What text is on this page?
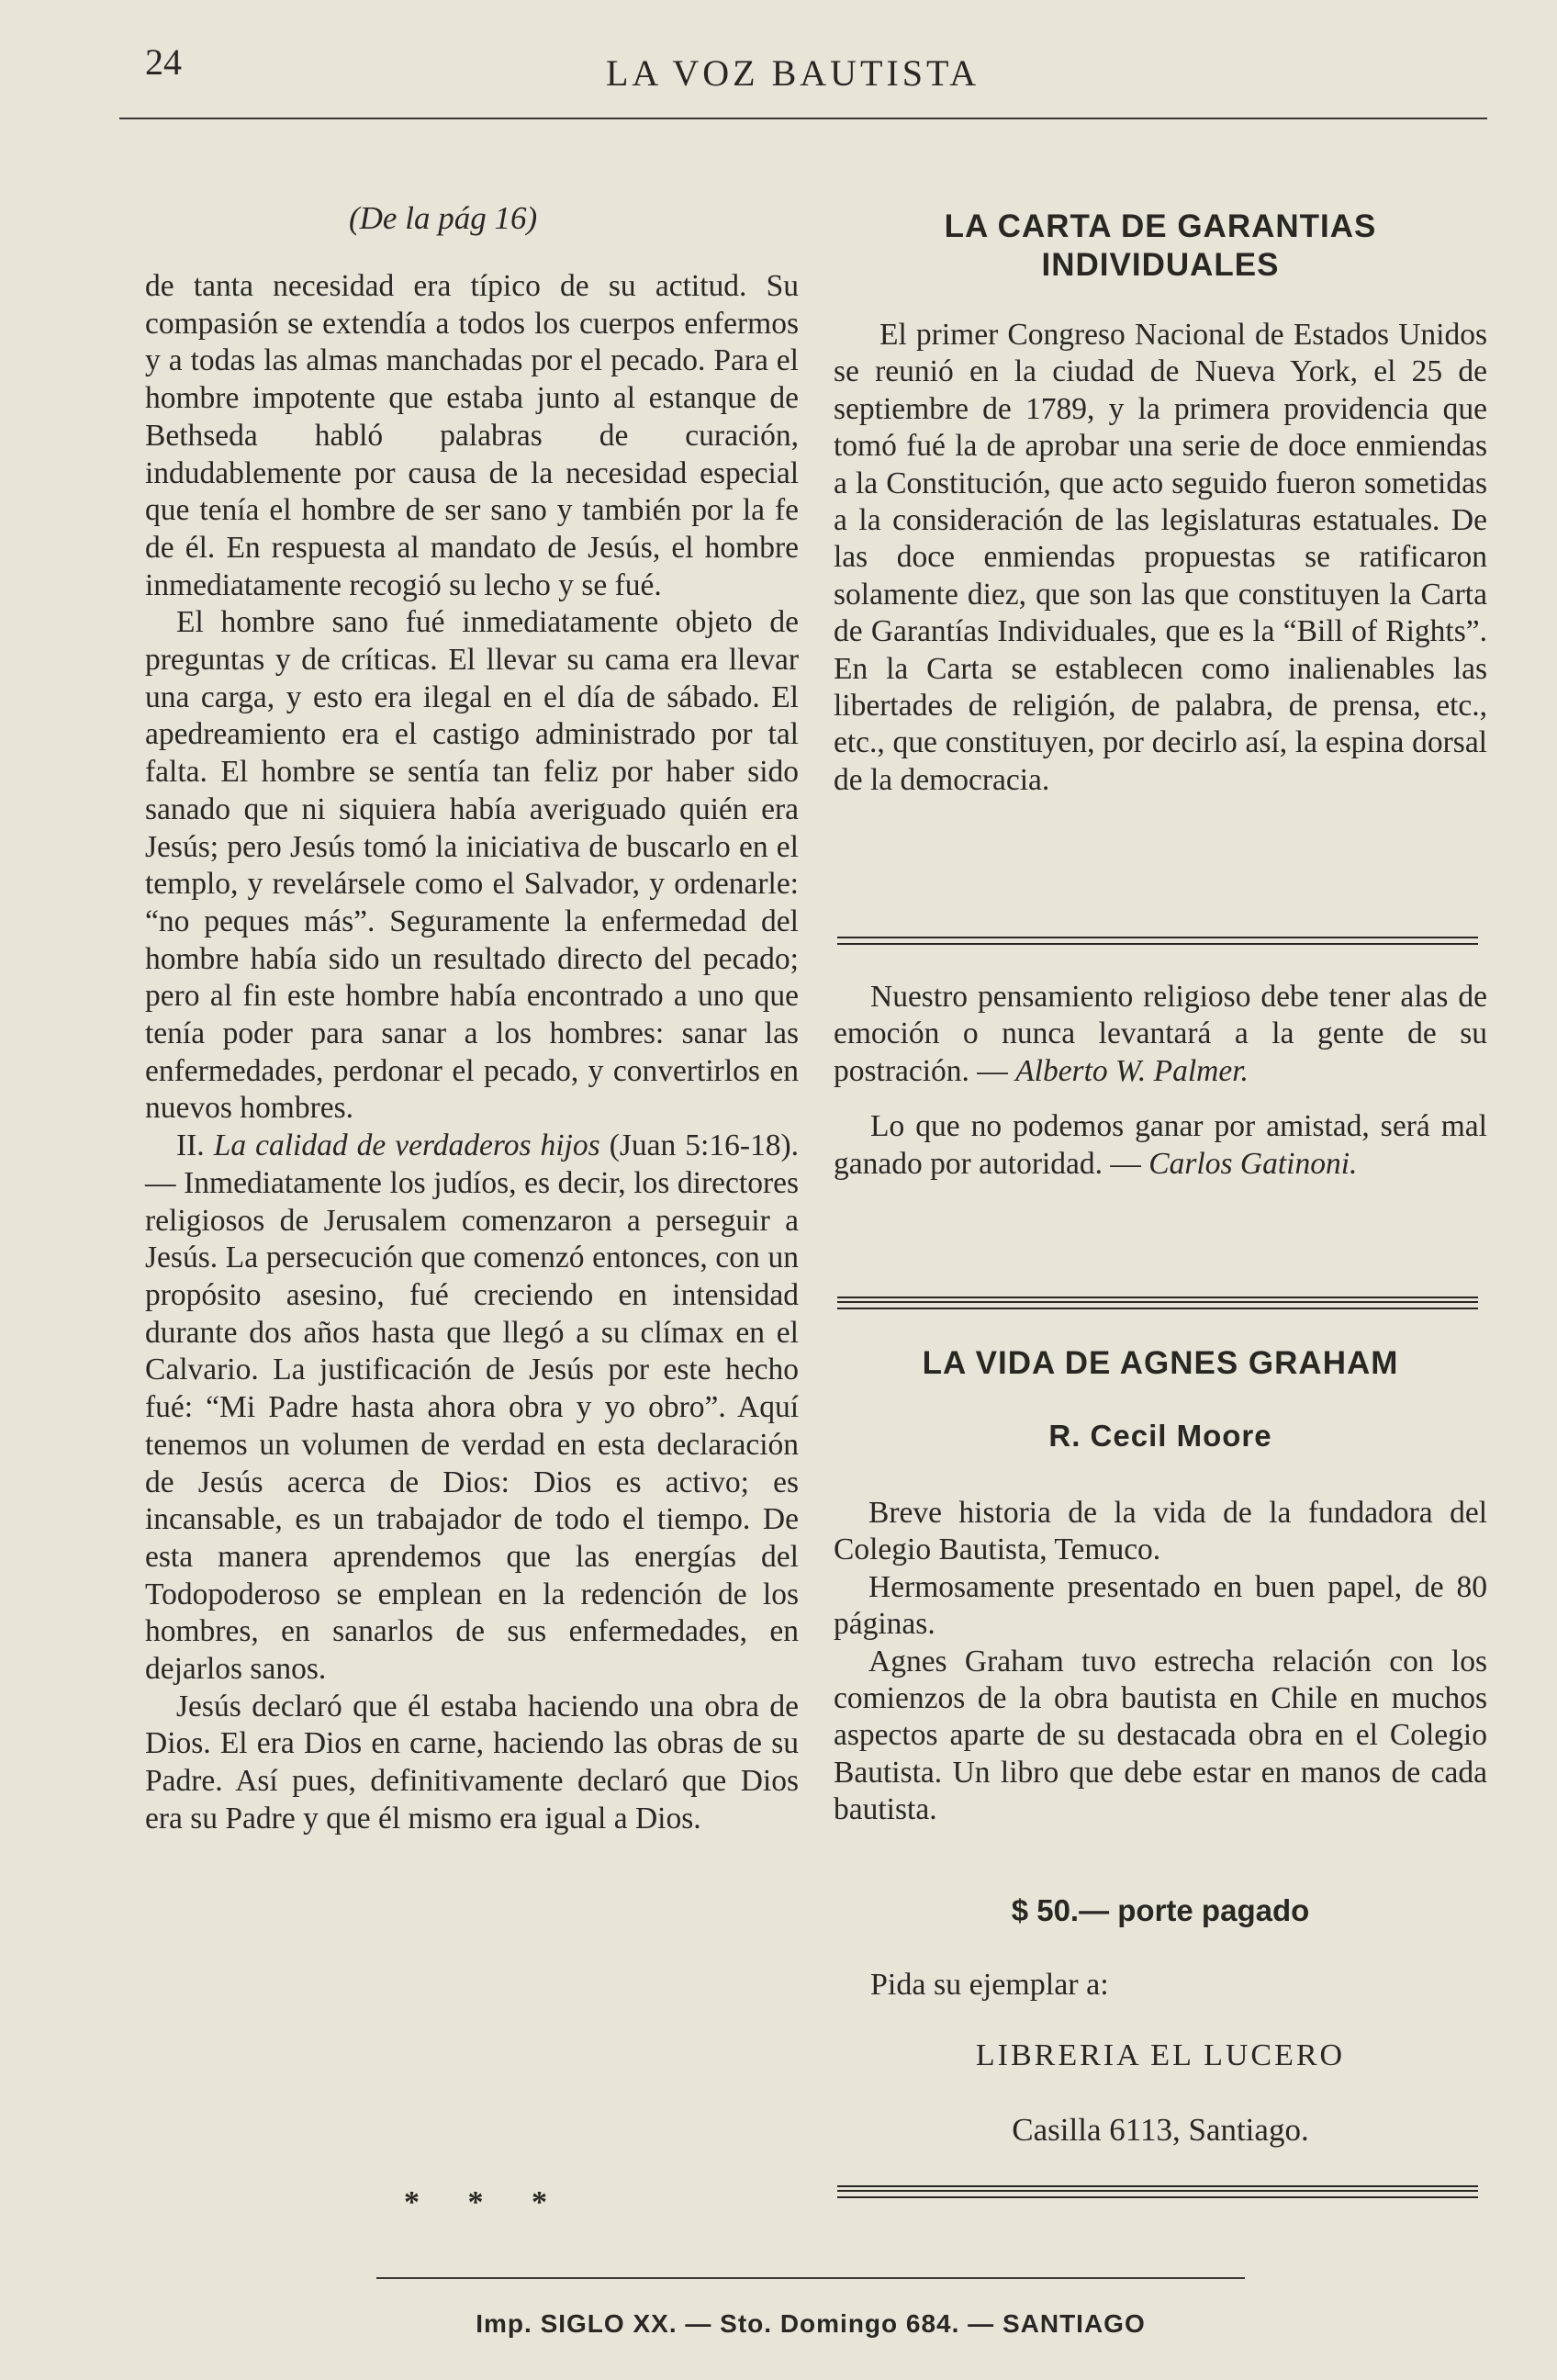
24	LA VOZ BAUTISTA
(De la pág 16)

de tanta necesidad era típico de su actitud. Su compasión se extendía a todos los cuerpos enfermos y a todas las almas manchadas por el pecado. Para el hombre impotente que estaba junto al estanque de Bethseda habló palabras de curación, indudablemente por causa de la necesidad especial que tenía el hombre de ser sano y también por la fe de él. En respuesta al mandato de Jesús, el hombre inmediatamente recogió su lecho y se fué.

El hombre sano fué inmediatamente objeto de preguntas y de críticas. El llevar su cama era llevar una carga, y esto era ilegal en el día de sábado. El apedreamiento era el castigo administrado por tal falta. El hombre se sentía tan feliz por haber sido sanado que ni siquiera había averiguado quién era Jesús; pero Jesús tomó la iniciativa de buscarlo en el templo, y revelársele como el Salvador, y ordenarle: “no peques más”. Seguramente la enfermedad del hombre había sido un resultado directo del pecado; pero al fin este hombre había encontrado a uno que tenía poder para sanar a los hombres: sanar las enfermedades, perdonar el pecado, y convertirlos en nuevos hombres.

II. La calidad de verdaderos hijos (Juan 5:16-18). — Inmediatamente los judíos, es decir, los directores religiosos de Jerusalem comenzaron a perseguir a Jesús. La persecución que comenzó entonces, con un propósito asesino, fué creciendo en intensidad durante dos años hasta que llegó a su clímax en el Calvario. La justificación de Jesús por este hecho fué: “Mi Padre hasta ahora obra y yo obro”. Aquí tenemos un volumen de verdad en esta declaración de Jesús acerca de Dios: Dios es activo; es incansable, es un trabajador de todo el tiempo. De esta manera aprendemos que las energías del Todopoderoso se emplean en la redención de los hombres, en sanarlos de sus enfermedades, en dejarlos sanos.

Jesús declaró que él estaba haciendo una obra de Dios. El era Dios en carne, haciendo las obras de su Padre. Así pues, definitivamente declaró que Dios era su Padre y que él mismo era igual a Dios.

* * *
LA CARTA DE GARANTIAS INDIVIDUALES

El primer Congreso Nacional de Estados Unidos se reunió en la ciudad de Nueva York, el 25 de septiembre de 1789, y la primera providencia que tomó fué la de aprobar una serie de doce enmiendas a la Constitución, que acto seguido fueron sometidas a la consideración de las legislaturas estatuales. De las doce enmiendas propuestas se ratificaron solamente diez, que son las que constituyen la Carta de Garantías Individuales, que es la “Bill of Rights”. En la Carta se establecen como inalienables las libertades de religión, de palabra, de prensa, etc., etc., que constituyen, por decirlo así, la espina dorsal de la democracia.

Nuestro pensamiento religioso debe tener alas de emoción o nunca levantará a la gente de su postración. — Alberto W. Palmer.

Lo que no podemos ganar por amistad, será mal ganado por autoridad. — Carlos Gatinoni.

LA VIDA DE AGNES GRAHAM
R. Cecil Moore

Breve historia de la vida de la fundadora del Colegio Bautista, Temuco.

Hermosamente presentado en buen papel, de 80 páginas.

Agnes Graham tuvo estrecha relación con los comienzos de la obra bautista en Chile en muchos aspectos aparte de su destacada obra en el Colegio Bautista. Un libro que debe estar en manos de cada bautista.

$ 50.— porte pagado
Pida su ejemplar a:
LIBRERIA EL LUCERO
Casilla 6113, Santiago.
Imp. SIGLO XX. — Sto. Domingo 684. — SANTIAGO
